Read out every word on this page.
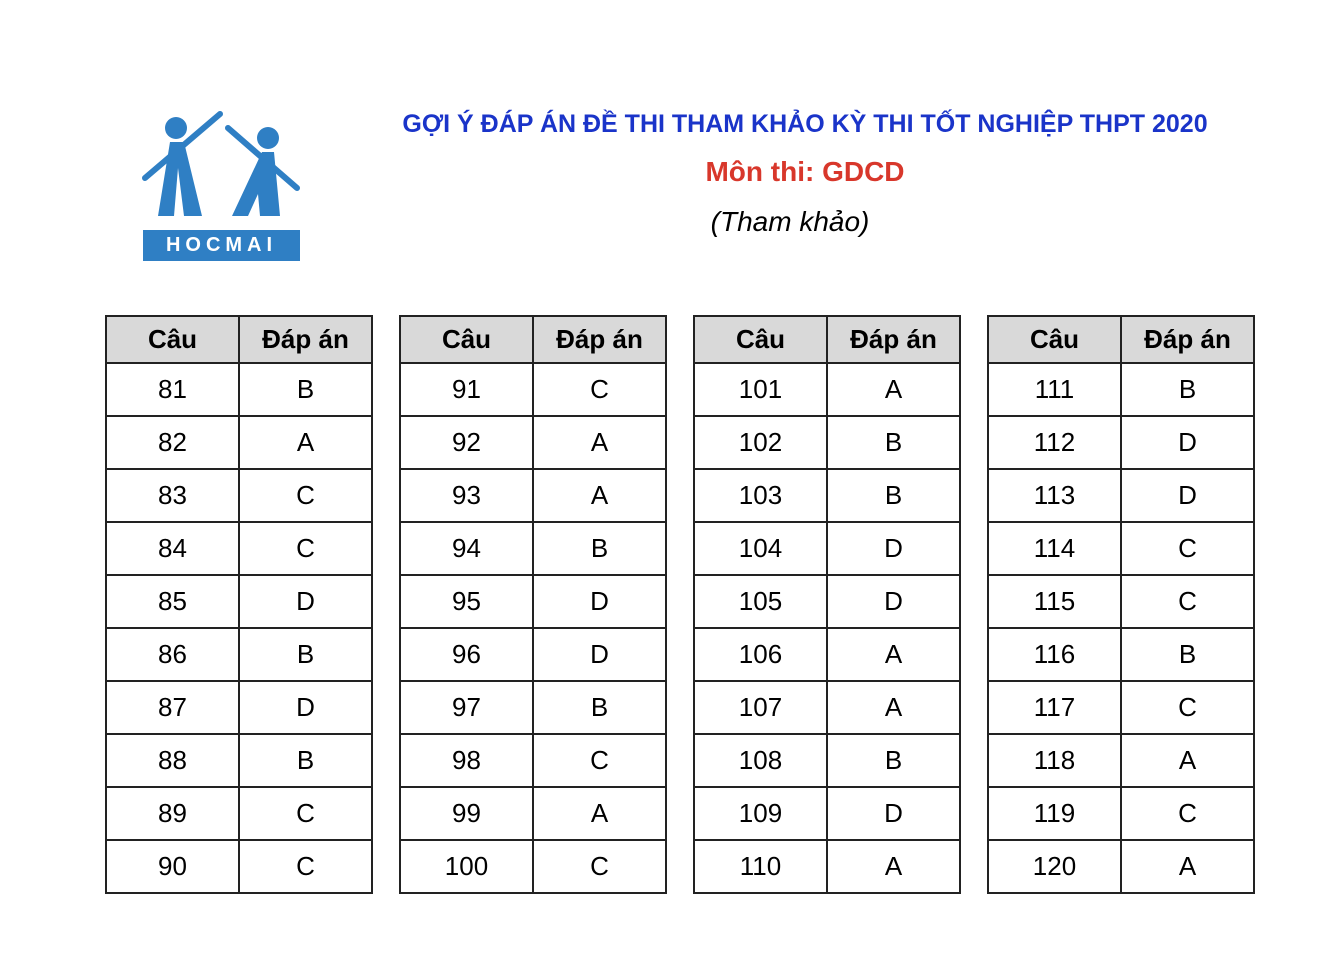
HOCMAI
GỢI Ý ĐÁP ÁN ĐỀ THI THAM KHẢO KỲ THI TỐT NGHIỆP THPT 2020
Môn thi: GDCD
(Tham khảo)
Câu	Đáp án
81	B
82	A
83	C
84	C
85	D
86	B
87	D
88	B
89	C
90	C
Câu	Đáp án
91	C
92	A
93	A
94	B
95	D
96	D
97	B
98	C
99	A
100	C
Câu	Đáp án
101	A
102	B
103	B
104	D
105	D
106	A
107	A
108	B
109	D
110	A
Câu	Đáp án
111	B
112	D
113	D
114	C
115	C
116	B
117	C
118	A
119	C
120	A
